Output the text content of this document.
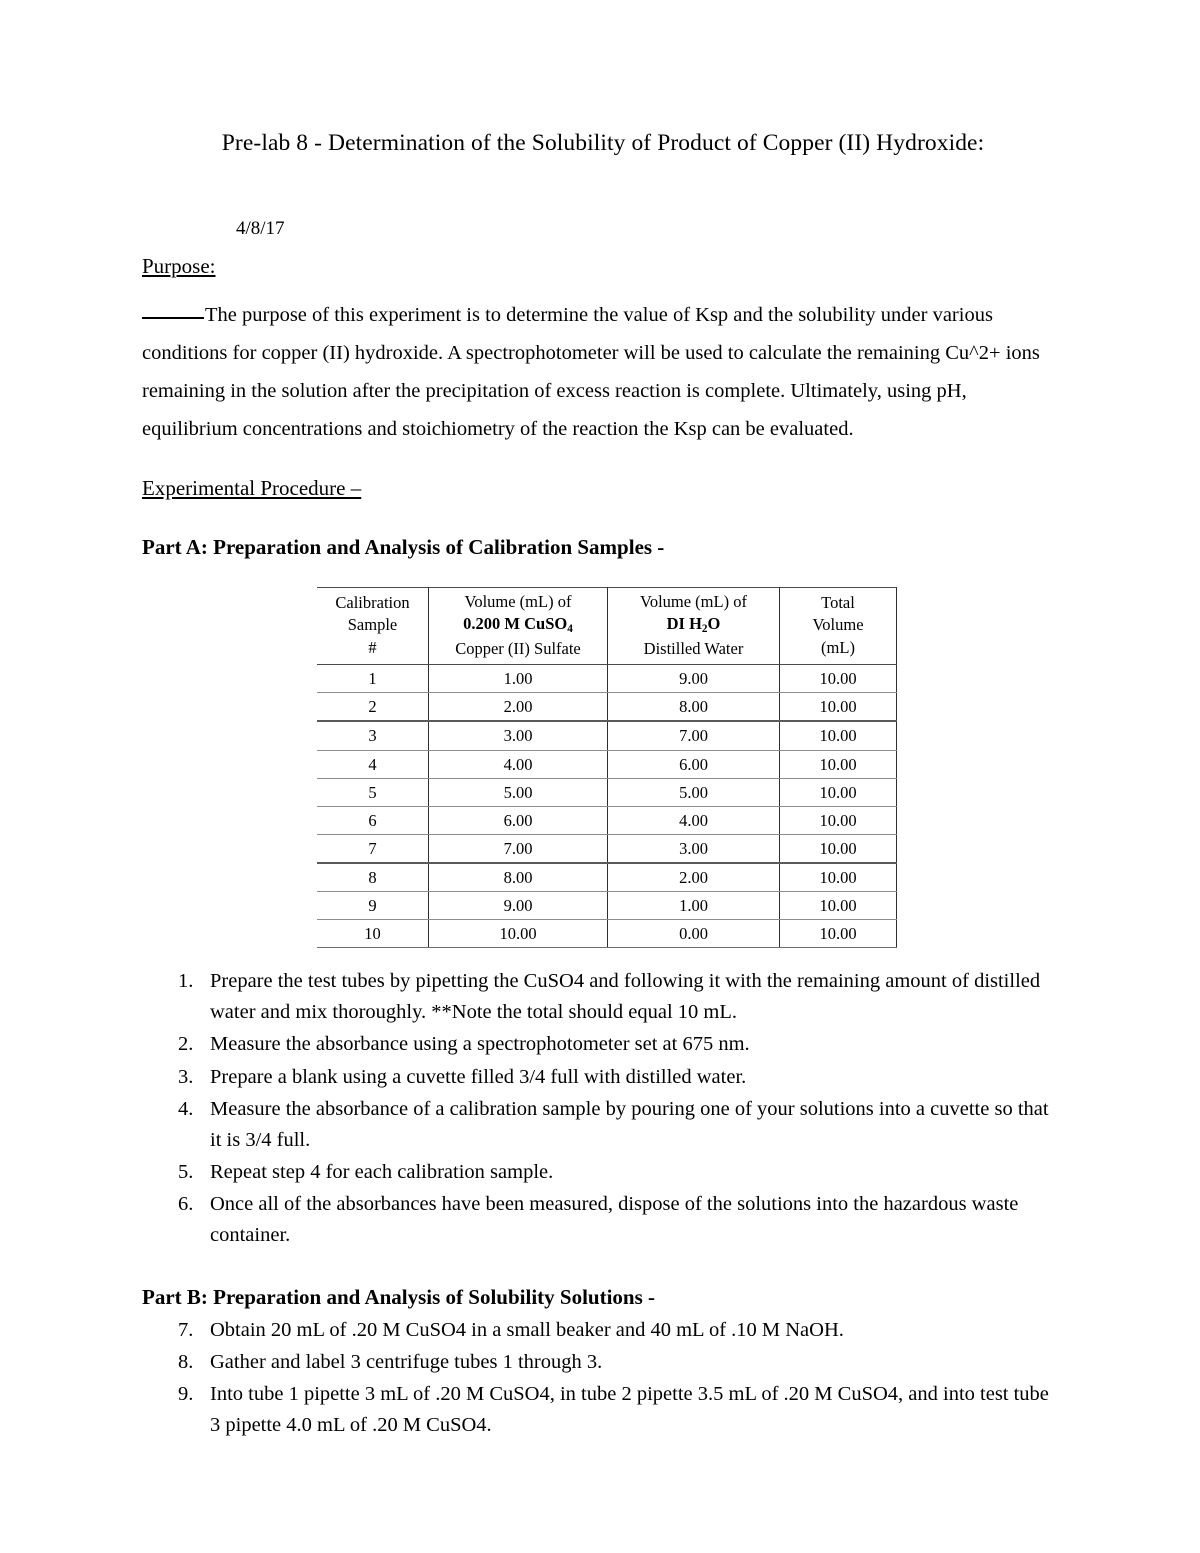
Pre-lab 8 - Determination of the Solubility of Product of Copper (II) Hydroxide:

4/8/17

Purpose:

The purpose of this experiment is to determine the value of Ksp and the solubility under various conditions for copper (II) hydroxide. A spectrophotometer will be used to calculate the remaining Cu^2+ ions remaining in the solution after the precipitation of excess reaction is complete. Ultimately, using pH, equilibrium concentrations and stoichiometry of the reaction the Ksp can be evaluated.

Experimental Procedure –

Part A: Preparation and Analysis of Calibration Samples -

Calibration
Sample
#	Volume (mL) of
0.200 M CuSO$_4$
Copper (II) Sulfate	Volume (mL) of
DI $H_2O$
Distilled Water	Total
Volume
(mL)

1	1.00	9.00	10.00
2	2.00	8.00	10.00
3	3.00	7.00	10.00
4	4.00	6.00	10.00
5	5.00	5.00	10.00
6	6.00	4.00	10.00
7	7.00	3.00	10.00
8	8.00	2.00	10.00
9	9.00	1.00	10.00
10	10.00	0.00	10.00
1. Prepare the test tubes by pipetting the CuSO4 and following it with the remaining amount of distilled water and mix thoroughly. **Note the total should equal 10 mL.
2. Measure the absorbance using a spectrophotometer set at 675 nm.
3. Prepare a blank using a cuvette filled 3/4 full with distilled water.
4. Measure the absorbance of a calibration sample by pouring one of your solutions into a cuvette so that it is 3/4 full.
5. Repeat step 4 for each calibration sample.
6. Once all of the absorbances have been measured, dispose of the solutions into the hazardous waste container.

Part B: Preparation and Analysis of Solubility Solutions -

7. Obtain 20 mL of .20 M CuSO4 in a small beaker and 40 mL of .10 M NaOH.
8. Gather and label 3 centrifuge tubes 1 through 3.
9. Into tube 1 pipette 3 mL of .20 M CuSO4, in tube 2 pipette 3.5 mL of .20 M CuSO4, and into test tube 3 pipette 4.0 mL of .20 M CuSO4.
